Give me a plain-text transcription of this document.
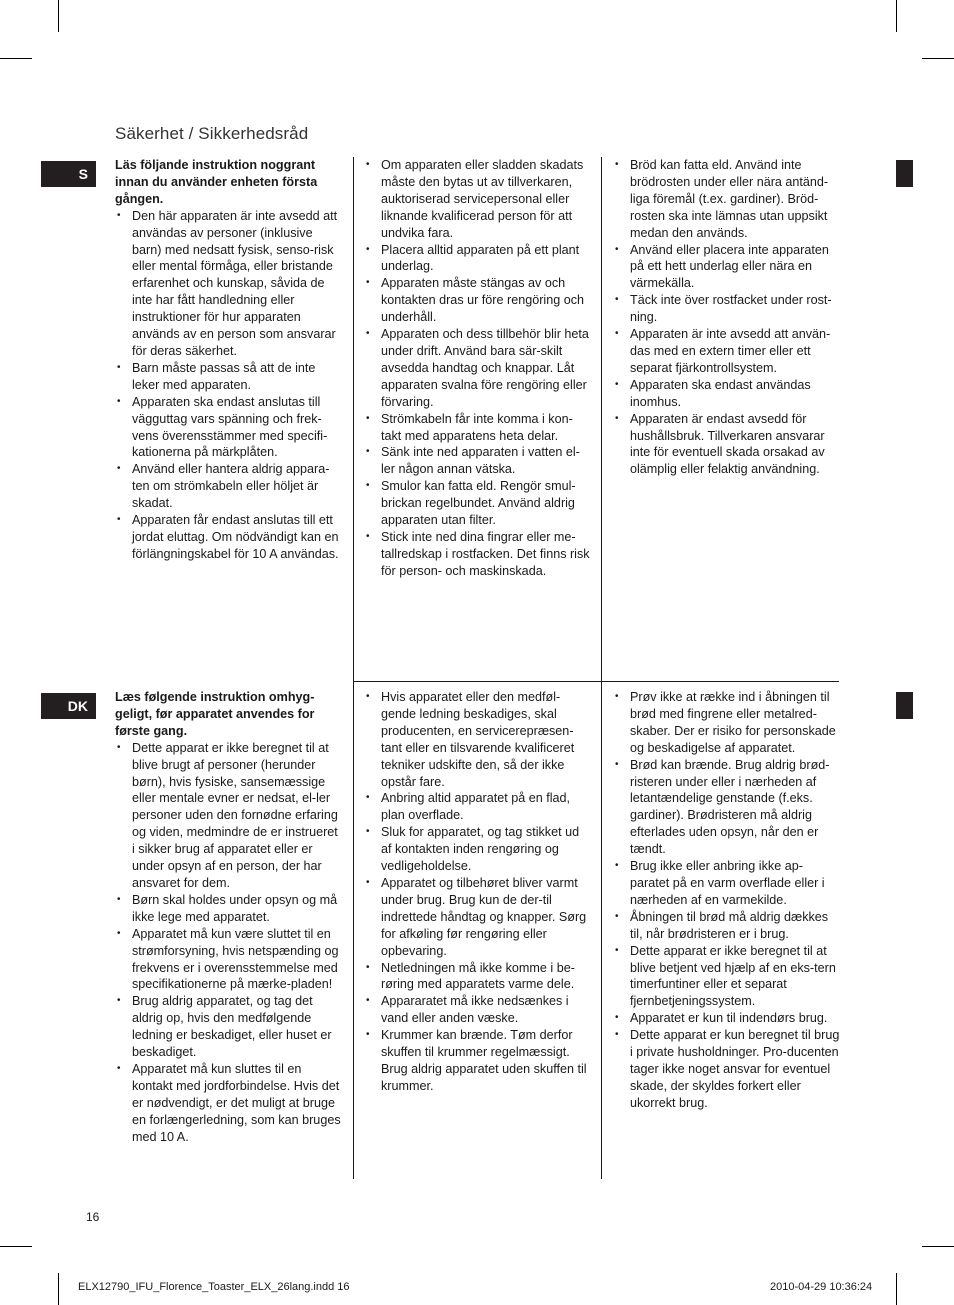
Säkerhet / Sikkerhedsråd
S
DK

Läs följande instruktion noggrant innan du använder enheten första gången.

• Den här apparaten är inte avsedd att användas av personer (inklusive barn) med nedsatt fysisk, senso-risk eller mental förmåga, eller bristande erfarenhet och kunskap, såvida de inte har fått handledning eller instruktioner för hur apparaten används av en person som ansvarar för deras säkerhet.
• Barn måste passas så att de inte leker med apparaten.
• Apparaten ska endast anslutas till vägguttag vars spänning och frek-vens överensstämmer med specifi-kationerna på märkplåten.
• Använd eller hantera aldrig appara-ten om strömkabeln eller höljet är skadat.
• Apparaten får endast anslutas till ett jordat eluttag. Om nödvändigt kan en förlängningskabel för 10 A användas.
• Om apparaten eller sladden skadats måste den bytas ut av tillverkaren, auktoriserad servicepersonal eller liknande kvalificerad person för att undvika fara.
• Placera alltid apparaten på ett plant underlag.
• Apparaten måste stängas av och kontakten dras ur före rengöring och underhåll.
• Apparaten och dess tillbehör blir heta under drift. Använd bara sär-skilt avsedda handtag och knappar. Låt apparaten svalna före rengöring eller förvaring.
• Strömkabeln får inte komma i kon-takt med apparatens heta delar.
• Sänk inte ned apparaten i vatten el-ler någon annan vätska.
• Smulor kan fatta eld. Rengör smul-brickan regelbundet. Använd aldrig apparaten utan filter.
• Stick inte ned dina fingrar eller me-tallredskap i rostfacken. Det finns risk för person- och maskinskada.
• Bröd kan fatta eld. Använd inte brödrosten under eller nära antänd-liga föremål (t.ex. gardiner). Bröd-rosten ska inte lämnas utan uppsikt medan den används.
• Använd eller placera inte apparaten på ett hett underlag eller nära en värmekälla.
• Täck inte över rostfacket under rost-ning.
• Apparaten är inte avsedd att använ-das med en extern timer eller ett separat fjärkontrollsystem.
• Apparaten ska endast användas inomhus.
• Apparaten är endast avsedd för hushållsbruk. Tillverkaren ansvarar inte för eventuell skada orsakad av olämplig eller felaktig användning.

Læs følgende instruktion omhyg-geligt, før apparatet anvendes for første gang.

• Dette apparat er ikke beregnet til at blive brugt af personer (herunder børn), hvis fysiske, sansemæssige eller mentale evner er nedsat, el-ler personer uden den fornødne erfaring og viden, medmindre de er instrueret i sikker brug af apparatet eller er under opsyn af en person, der har ansvaret for dem.
• Børn skal holdes under opsyn og må ikke lege med apparatet.
• Apparatet må kun være sluttet til en strømforsyning, hvis netspænding og frekvens er i overensstemmelse med specifikationerne på mærke-pladen!
• Brug aldrig apparatet, og tag det aldrig op, hvis den medfølgende ledning er beskadiget, eller huset er beskadiget.
• Apparatet må kun sluttes til en kontakt med jordforbindelse. Hvis det er nødvendigt, er det muligt at bruge en forlængerledning, som kan bruges med 10 A.
• Hvis apparatet eller den medføl-gende ledning beskadiges, skal producenten, en servicerepræsen-tant eller en tilsvarende kvalificeret tekniker udskifte den, så der ikke opstår fare.
• Anbring altid apparatet på en flad, plan overflade.
• Sluk for apparatet, og tag stikket ud af kontakten inden rengøring og vedligeholdelse.
• Apparatet og tilbehøret bliver varmt under brug. Brug kun de der-til indrettede håndtag og knapper. Sørg for afkøling før rengøring eller opbevaring.
• Netledningen må ikke komme i be-røring med apparatets varme dele.
• Appararatet må ikke nedsænkes i vand eller anden væske.
• Krummer kan brænde. Tøm derfor skuffen til krummer regelmæssigt. Brug aldrig apparatet uden skuffen til krummer.
• Prøv ikke at række ind i åbningen til brød med fingrene eller metalred-skaber. Der er risiko for personskade og beskadigelse af apparatet.
• Brød kan brænde. Brug aldrig brød-risteren under eller i nærheden af letantændelige genstande (f.eks. gardiner). Brødristeren må aldrig efterlades uden opsyn, når den er tændt.
• Brug ikke eller anbring ikke ap-paratet på en varm overflade eller i nærheden af en varmekilde.
• Åbningen til brød må aldrig dækkes til, når brødristeren er i brug.
• Dette apparat er ikke beregnet til at blive betjent ved hjælp af en eks-tern timerfuntiner eller et separat fjernbetjeningssystem.
• Apparatet er kun til indendørs brug.
• Dette apparat er kun beregnet til brug i private husholdninger. Pro-ducenten tager ikke noget ansvar for eventuel skade, der skyldes forkert eller ukorrekt brug.
16
ELX12790_IFU_Florence_Toaster_ELX_26lang.indd 16	2010-04-29 10:36:24
